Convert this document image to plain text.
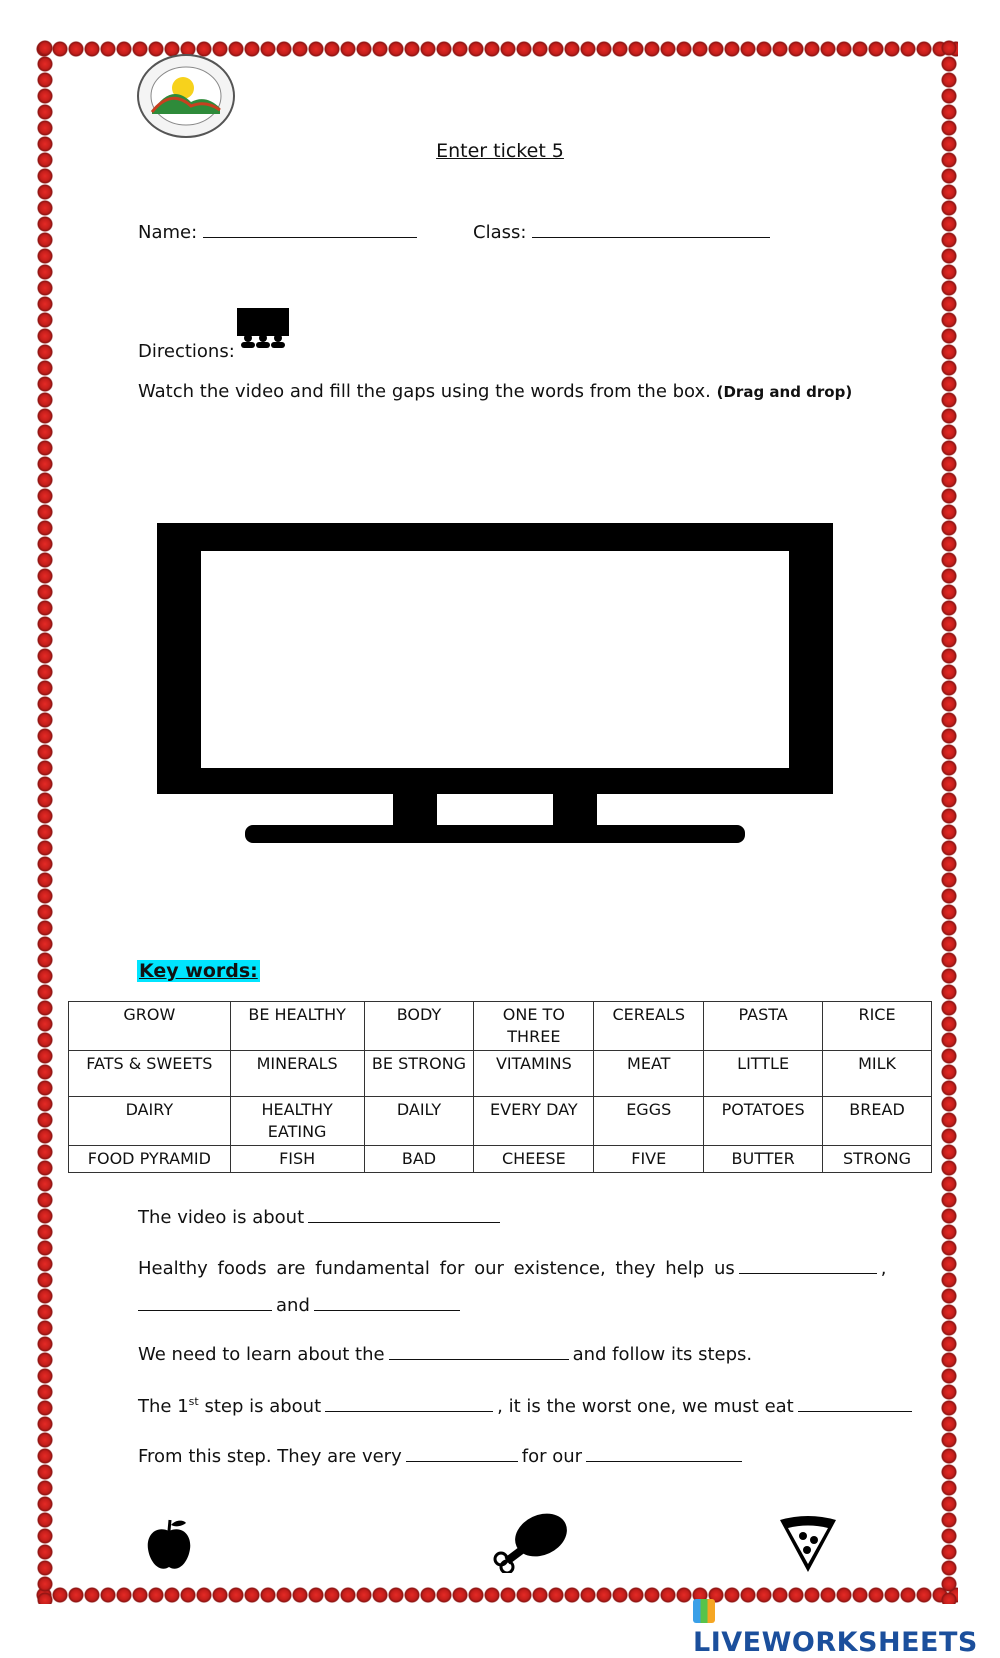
Enter ticket 5
Name:	Class:
Directions:
Watch the video and fill the gaps using the words from the box. (Drag and drop)
Key words:
GROW	BE HEALTHY	BODY	ONE TO THREE	CEREALS	PASTA	RICE
FATS & SWEETS	MINERALS	BE STRONG	VITAMINS	MEAT	LITTLE	MILK
DAIRY	HEALTHY EATING	DAILY	EVERY DAY	EGGS	POTATOES	BREAD
FOOD PYRAMID	FISH	BAD	CHEESE	FIVE	BUTTER	STRONG
The video is about
Healthy foods are fundamental for our existence, they help us	,
and
We need to learn about the	and follow its steps.
The 1st step is about	, it is the worst one, we must eat
From this step. They are very	for our
LIVEWORKSHEETS
